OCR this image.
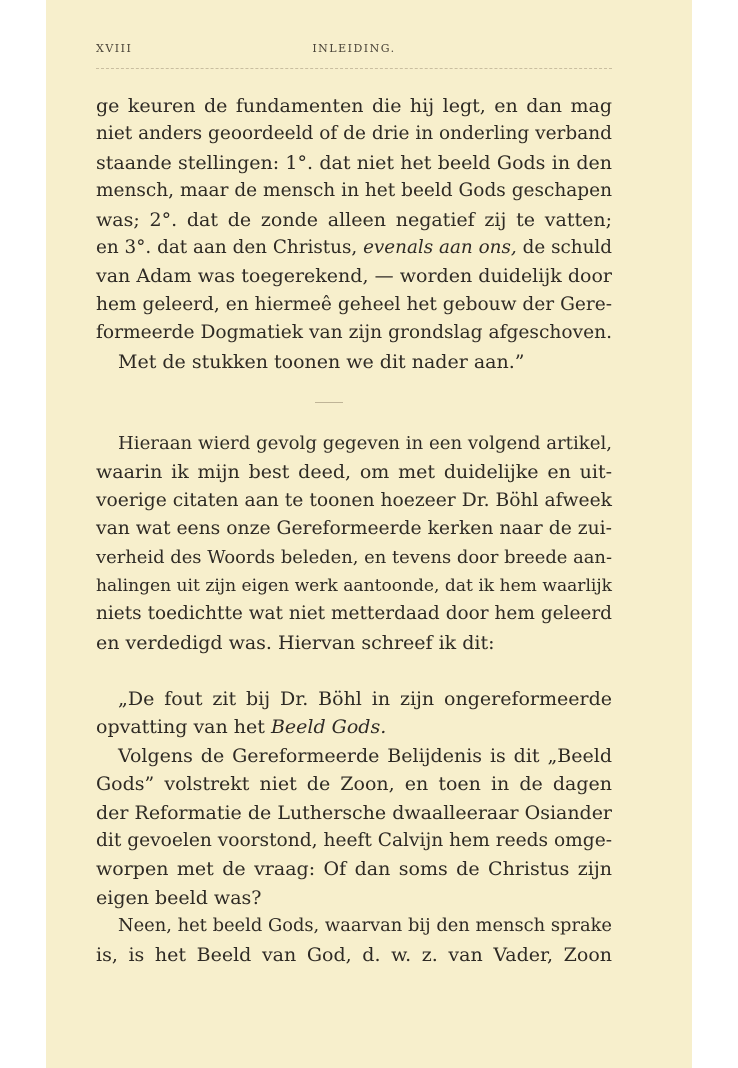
XVIII	INLEIDING.
ge keuren de fundamenten die hij legt, en dan mag
niet anders geoordeeld of de drie in onderling verband
staande stellingen: 1°. dat niet het beeld Gods in den
mensch, maar de mensch in het beeld Gods geschapen
was; 2°. dat de zonde alleen negatief zij te vatten;
en 3°. dat aan den Christus, evenals aan ons, de schuld
van Adam was toegerekend, — worden duidelijk door
hem geleerd, en hiermeê geheel het gebouw der Gere-
formeerde Dogmatiek van zijn grondslag afgeschoven.
Met de stukken toonen we dit nader aan.”
Hieraan wierd gevolg gegeven in een volgend artikel,
waarin ik mijn best deed, om met duidelijke en uit-
voerige citaten aan te toonen hoezeer Dr. Böhl afweek
van wat eens onze Gereformeerde kerken naar de zui-
verheid des Woords beleden, en tevens door breede aan-
halingen uit zijn eigen werk aantoonde, dat ik hem waarlijk
niets toedichtte wat niet metterdaad door hem geleerd
en verdedigd was. Hiervan schreef ik dit:
„De fout zit bij Dr. Böhl in zijn ongereformeerde
opvatting van het Beeld Gods.
Volgens de Gereformeerde Belijdenis is dit „Beeld
Gods” volstrekt niet de Zoon, en toen in de dagen
der Reformatie de Luthersche dwaalleeraar Osiander
dit gevoelen voorstond, heeft Calvijn hem reeds omge-
worpen met de vraag: Of dan soms de Christus zijn
eigen beeld was?
Neen, het beeld Gods, waarvan bij den mensch sprake
is, is het Beeld van God, d. w. z. van Vader, Zoon
